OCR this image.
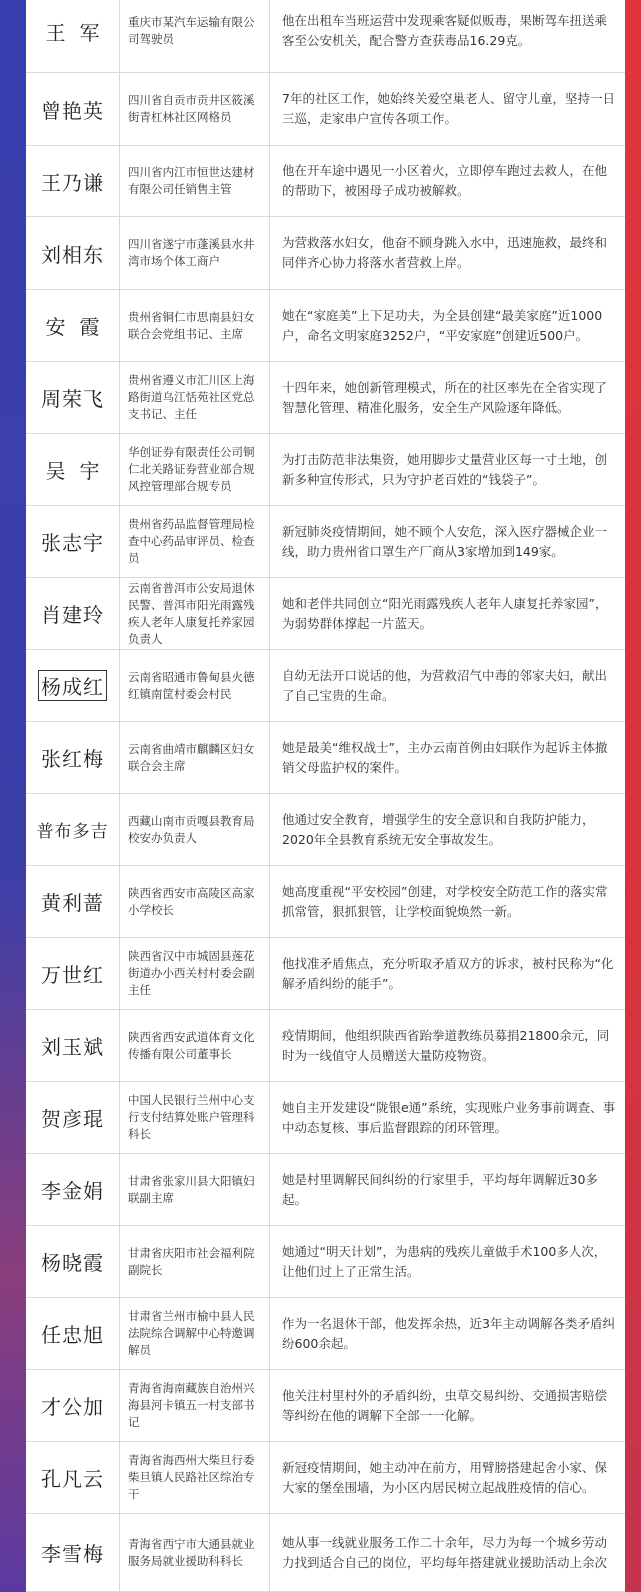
王军 重庆市某汽车运输有限公司驾驶员
他在出租车当班运营中发现乘客疑似贩毒，果断驾车扭送乘客至公安机关，配合警方查获毒品16.29克。
曾艳英 四川省自贡市贡井区筱溪街青杠林社区网格员
7年的社区工作，她始终关爱空巢老人、留守儿童，坚持一日三巡，走家串户宣传各项工作。
王乃谦 四川省内江市恒世达建材有限公司任销售主管
他在开车途中遇见一小区着火，立即停车跑过去救人，在他的帮助下，被困母子成功被解救。
刘相东 四川省遂宁市蓬溪县水井湾市场个体工商户
为营救落水妇女，他奋不顾身跳入水中，迅速施救，最终和同伴齐心协力将落水者营救上岸。
安霞 贵州省铜仁市思南县妇女联合会党组书记、主席
她在“家庭美”上下足功夫，为全县创建“最美家庭”近1000户，命名文明家庭3252户，“平安家庭”创建近500户。
周荣飞
贵州省遵义市汇川区上海路街道乌江恬苑社区党总支书记、主任
十四年来，她创新管理模式，所在的社区率先在全省实现了智慧化管理、精准化服务，安全生产风险逐年降低。
吴宇
华创证券有限责任公司铜仁北关路证券营业部合规风控管理部合规专员
为打击防范非法集资，她用脚步丈量营业区每一寸土地，创新多种宣传形式，只为守护老百姓的“钱袋子”。
张志宇
贵州省药品监督管理局检查中心药品审评员、检查员
新冠肺炎疫情期间，她不顾个人安危，深入医疗器械企业一线，助力贵州省口罩生产厂商从3家增加到149家。
肖建玲
云南省普洱市公安局退休民警、普洱市阳光雨露残疾人老年人康复托养家园负责人
她和老伴共同创立“阳光雨露残疾人老年人康复托养家园”，为弱势群体撑起一片蓝天。
杨成红 云南省昭通市鲁甸县火德红镇南筐村委会村民
自幼无法开口说话的他，为营救沼气中毒的邻家夫妇，献出了自己宝贵的生命。
张红梅 云南省曲靖市麒麟区妇女联合会主席
她是最美“维权战士”，主办云南首例由妇联作为起诉主体撤销父母监护权的案件。
普布多吉
西藏山南市贡嘎县教育局校安办负责人
他通过安全教育，增强学生的安全意识和自我防护能力，2020年全县教育系统无安全事故发生。
黄利蔷 陕西省西安市高陵区高家小学校长
她高度重视“平安校园”创建，对学校安全防范工作的落实常抓常管，狠抓狠管，让学校面貌焕然一新。
万世红
陕西省汉中市城固县莲花街道办小西关村村委会副主任
他找准矛盾焦点，充分听取矛盾双方的诉求，被村民称为“化解矛盾纠纷的能手”。
刘玉斌 陕西省西安武道体育文化传播有限公司董事长
疫情期间，他组织陕西省跆拳道教练员募捐21800余元，同时为一线值守人员赠送大量防疫物资。
贺彦琨
中国人民银行兰州中心支行支付结算处账户管理科科长
她自主开发建设“陇银e通”系统，实现账户业务事前调查、事中动态复核、事后监督跟踪的闭环管理。
李金娟 甘肃省张家川县大阳镇妇联副主席
她是村里调解民间纠纷的行家里手，平均每年调解近30多起。
杨晓霞 甘肃省庆阳市社会福利院副院长
她通过“明天计划”，为患病的残疾儿童做手术100多人次，让他们过上了正常生活。
任忠旭
甘肃省兰州市榆中县人民法院综合调解中心特邀调解员
作为一名退休干部，他发挥余热，近3年主动调解各类矛盾纠纷600余起。
才公加
青海省海南藏族自治州兴海县河卡镇五一村支部书记
他关注村里村外的矛盾纠纷，虫草交易纠纷、交通损害赔偿等纠纷在他的调解下全部一一化解。
孔凡云
青海省海西州大柴旦行委柴旦镇人民路社区综治专干
新冠疫情期间，她主动冲在前方，用臂膀搭建起舍小家、保大家的堡垒围墙，为小区内居民树立起战胜疫情的信心。
李雪梅 青海省西宁市大通县就业服务局就业援助科科长
她从事一线就业服务工作二十余年，尽力为每一个城乡劳动力找到适合自己的岗位，平均每年搭建就业援助活动上余次
